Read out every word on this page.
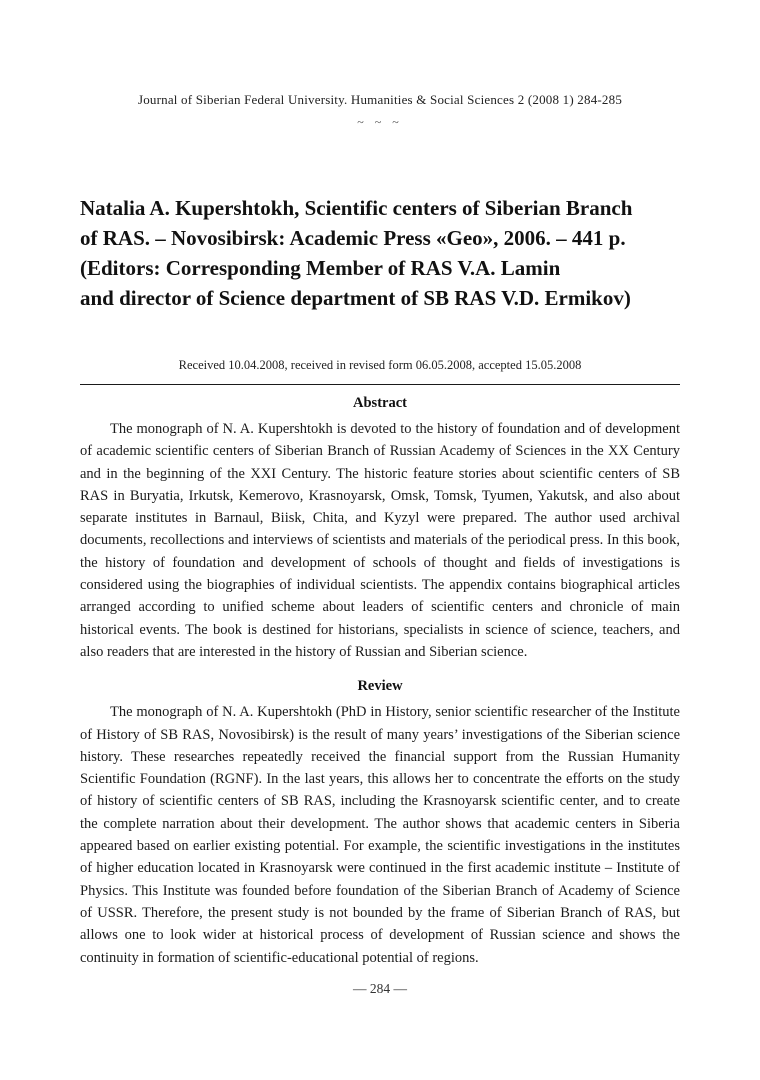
Journal of Siberian Federal University. Humanities & Social Sciences 2 (2008 1) 284-285
~ ~ ~
Natalia A. Kupershtokh, Scientific centers of Siberian Branch
of RAS. – Novosibirsk: Academic Press «Geo», 2006. – 441 p.
(Editors: Corresponding Member of RAS V.A. Lamin
and director of Science department of SB RAS V.D. Ermikov)
Received 10.04.2008, received in revised form 06.05.2008, accepted 15.05.2008
Abstract

The monograph of N. A. Kupershtokh is devoted to the history of foundation and of development of academic scientific centers of Siberian Branch of Russian Academy of Sciences in the XX Century and in the beginning of the XXI Century. The historic feature stories about scientific centers of SB RAS in Buryatia, Irkutsk, Kemerovo, Krasnoyarsk, Omsk, Tomsk, Tyumen, Yakutsk, and also about separate institutes in Barnaul, Biisk, Chita, and Kyzyl were prepared. The author used archival documents, recollections and interviews of scientists and materials of the periodical press. In this book, the history of foundation and development of schools of thought and fields of investigations is considered using the biographies of individual scientists. The appendix contains biographical articles arranged according to unified scheme about leaders of scientific centers and chronicle of main historical events. The book is destined for historians, specialists in science of science, teachers, and also readers that are interested in the history of Russian and Siberian science.

Review

The monograph of N. A. Kupershtokh (PhD in History, senior scientific researcher of the Institute of History of SB RAS, Novosibirsk) is the result of many years’ investigations of the Siberian science history. These researches repeatedly received the financial support from the Russian Humanity Scientific Foundation (RGNF). In the last years, this allows her to concentrate the efforts on the study of history of scientific centers of SB RAS, including the Krasnoyarsk scientific center, and to create the complete narration about their development. The author shows that academic centers in Siberia appeared based on earlier existing potential. For example, the scientific investigations in the institutes of higher education located in Krasnoyarsk were continued in the first academic institute – Institute of Physics. This Institute was founded before foundation of the Siberian Branch of Academy of Science of USSR. Therefore, the present study is not bounded by the frame of Siberian Branch of RAS, but allows one to look wider at historical process of development of Russian science and shows the continuity in formation of scientific-educational potential of regions.

— 284 —
